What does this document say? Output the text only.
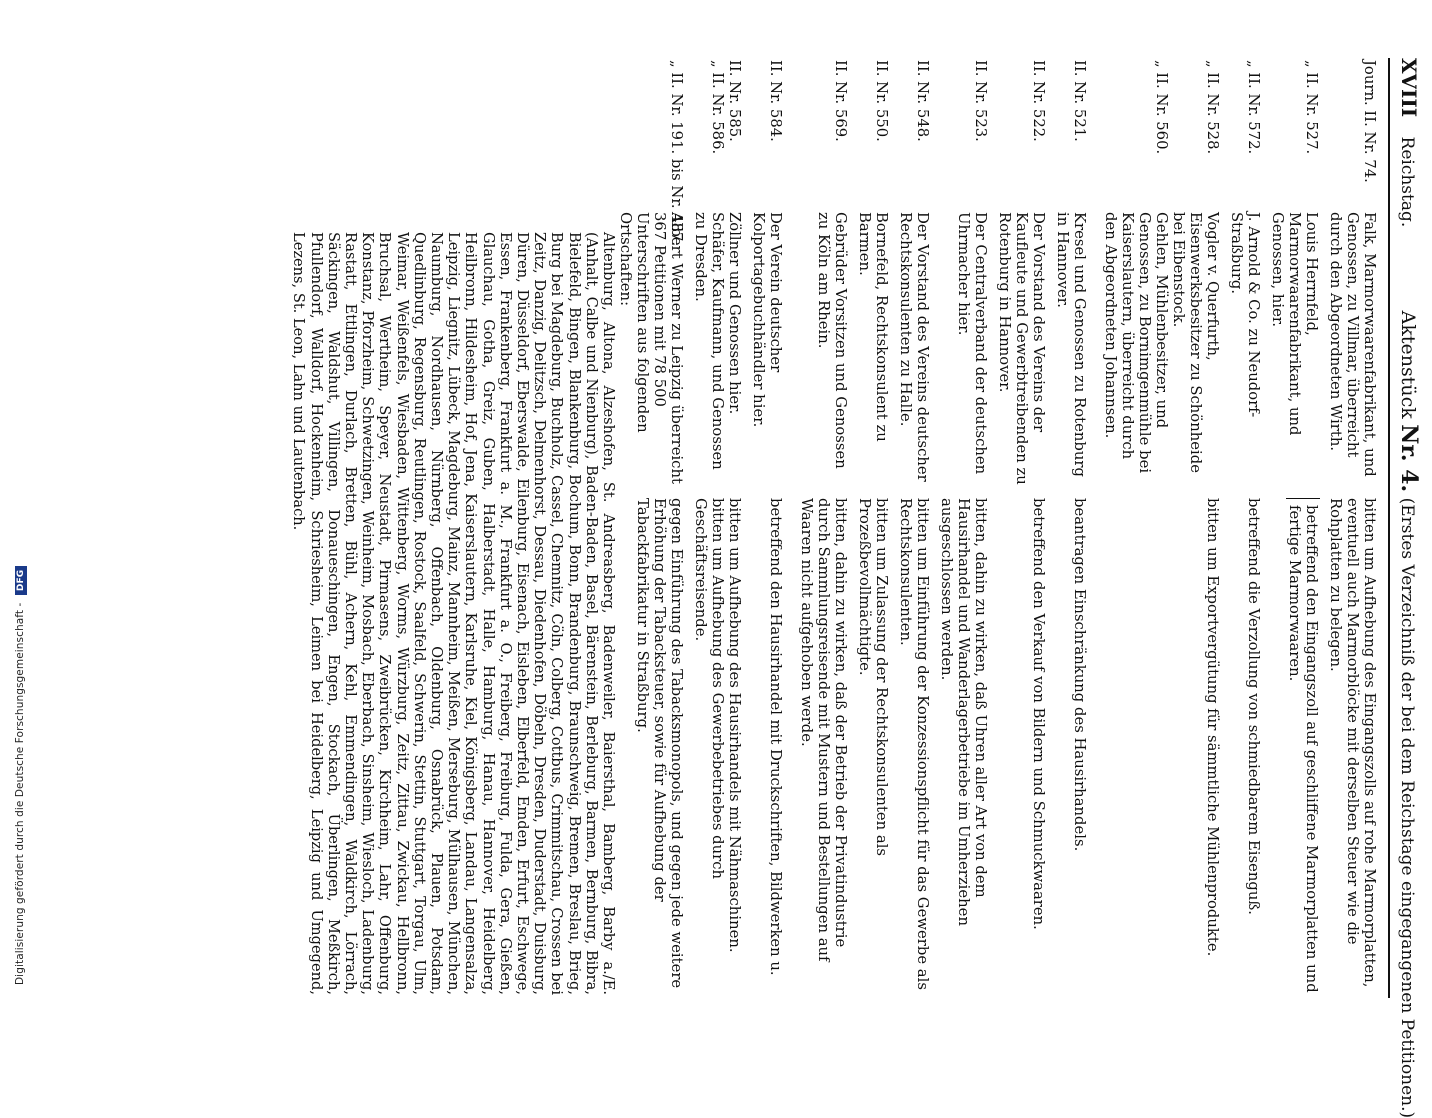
Digitalisierung gefördert durch die Deutsche Forschungsgemeinschaft - DFG
XVIII Reichstag. Aktenstück Nr. 4. (Erstes Verzeichniß der bei dem Reichstage eingegangenen Petitionen.)
Journ. II. Nr. 74.
Falk, Marmorwaarenfabrikant, und Genossen, zu Villmar, überreicht durch den Abgeordneten Wirth.
bitten um Aufhebung des Eingangszolls auf rohe Marmorplatten, eventuell auch Marmorblöcke mit derselben Steuer wie die Rohplatten zu belegen.
„ II. Nr. 527.
Louis Herrnfeld, Marmorwaarenfabrikant, und Genossen, hier.
betreffend den Eingangszoll auf geschliffene Marmorplatten und fertige Marmorwaaren.
„ II. Nr. 572.
J. Arnold & Co. zu Neudorf-Straßburg.
betreffend die Verzollung von schmiedbarem Eisenguß.
„ II. Nr. 528.
Vogler v. Querfurth, Eisenwerksbesitzer zu Schönheide bei Eibenstock.
bitten um Exportvergütung für sämmtliche Mühlenprodukte.
„ II. Nr. 560.
Gehlen, Mühlenbesitzer, und Genossen, zu Bornimgenmühle bei Kaiserslautern, überreicht durch den Abgeordneten Johannsen.
II. Nr. 521.
Kresel und Genossen zu Rotenburg in Hannover.
beantragen Einschränkung des Hausirhandels.
II. Nr. 522.
Der Vorstand des Vereins der Kaufleute und Gewerbtreibenden zu Rotenburg in Hannover.
betreffend den Verkauf von Bildern und Schmuckwaaren.
II. Nr. 523.
Der Centralverband der deutschen Uhrmacher hier.
bitten, dahin zu wirken, daß Uhren aller Art von dem Hausirhandel und Wanderlagerbetriebe im Umherziehen ausgeschlossen werden.
II. Nr. 548.
Der Vorstand des Vereins deutscher Rechtskonsulenten zu Halle.
bitten um Einführung der Konzessionspflicht für das Gewerbe als Rechtskonsulenten.
II. Nr. 550.
Bornefeld, Rechtskonsulent zu Barmen.
bitten um Zulassung der Rechtskonsulenten als Prozeßbevollmächtigte.
II. Nr. 569.
Gebrüder Vorsitzen und Genossen zu Köln am Rhein.
bitten, dahin zu wirken, daß der Betrieb der Privatindustrie durch Sammlungsreisende mit Mustern und Bestellungen auf Waaren nicht aufgehoben werde.
II. Nr. 584.
Der Verein deutscher Kolportagebuchhändler hier.
betreffend den Hausirhandel mit Druckschriften, Bildwerken u.
II. Nr. 585.
Zöllner und Genossen hier.
bitten um Aufhebung des Hausirhandels mit Nähmaschinen.
„ II. Nr. 586.
Schäfer, Kaufmann, und Genossen zu Dresden.
bitten um Aufhebung des Gewerbebetriebes durch Geschäftsreisende.
„ II. Nr. 191. bis Nr. 487.
Albert Werner zu Leipzig überreicht 367 Petitionen mit 78 500 Unterschriften aus folgenden Ortschaften:
gegen Einführung des Tabacksmonopols, und gegen jede weitere Erhöhung der Tabacksteuer, sowie für Aufhebung der Tabackfabrikatur in Straßburg.
Altenburg, Altona, Alzeshofen, St. Andreasberg, Badenweiler, Baiersthal, Bamberg, Barby a./E. (Anhalt, Calbe und Nienburg), Baden-Baden, Basel, Bärenstein, Berleburg, Barmen, Bernburg, Bibra, Bielefeld, Bingen, Blankenburg, Bochum, Bonn, Brandenburg, Braunschweig, Bremen, Breslau, Brieg, Burg bei Magdeburg, Buchholz, Cassel, Chemnitz, Cöln, Colberg, Cottbus, Crimmitschau, Crossen bei Zeitz, Danzig, Delitzsch, Delmenhorst, Dessau, Diedenhofen, Döbeln, Dresden, Duderstadt, Duisburg, Düren, Düsseldorf, Eberswalde, Eilenburg, Eisenach, Eisleben, Elberfeld, Emden, Erfurt, Eschwege, Essen, Frankenberg, Frankfurt a. M., Frankfurt a. O., Freiberg, Freiburg, Fulda, Gera, Gießen, Glauchau, Gotha, Greiz, Guben, Halberstadt, Halle, Hamburg, Hanau, Hannover, Heidelberg, Heilbronn, Hildesheim, Hof, Jena, Kaiserslautern, Karlsruhe, Kiel, Königsberg, Landau, Langensalza, Leipzig, Liegnitz, Lübeck, Magdeburg, Mainz, Mannheim, Meißen, Merseburg, Mülhausen, München, Naumburg, Nordhausen, Nürnberg, Offenbach, Oldenburg, Osnabrück, Plauen, Potsdam, Quedlinburg, Regensburg, Reutlingen, Rostock, Saalfeld, Schwerin, Stettin, Stuttgart, Torgau, Ulm, Weimar, Weißenfels, Wiesbaden, Wittenberg, Worms, Würzburg, Zeitz, Zittau, Zwickau, Hellbronn, Bruchsal, Wertheim, Speyer, Neustadt, Pirmasens, Zweibrücken, Kirchheim, Lahr, Offenburg, Konstanz, Pforzheim, Schwetzingen, Weinheim, Mosbach, Eberbach, Sinsheim, Wiesloch, Ladenburg, Rastatt, Ettlingen, Durlach, Bretten, Bühl, Achern, Kehl, Emmendingen, Waldkirch, Lörrach, Säckingen, Waldshut, Villingen, Donaueschingen, Engen, Stockach, Überlingen, Meßkirch, Pfullendorf, Walldorf, Hockenheim, Schriesheim, Leimen bei Heidelberg, Leipzig und Umgegend, Lezens, St. Leon, Lahn und Lautenbach.
